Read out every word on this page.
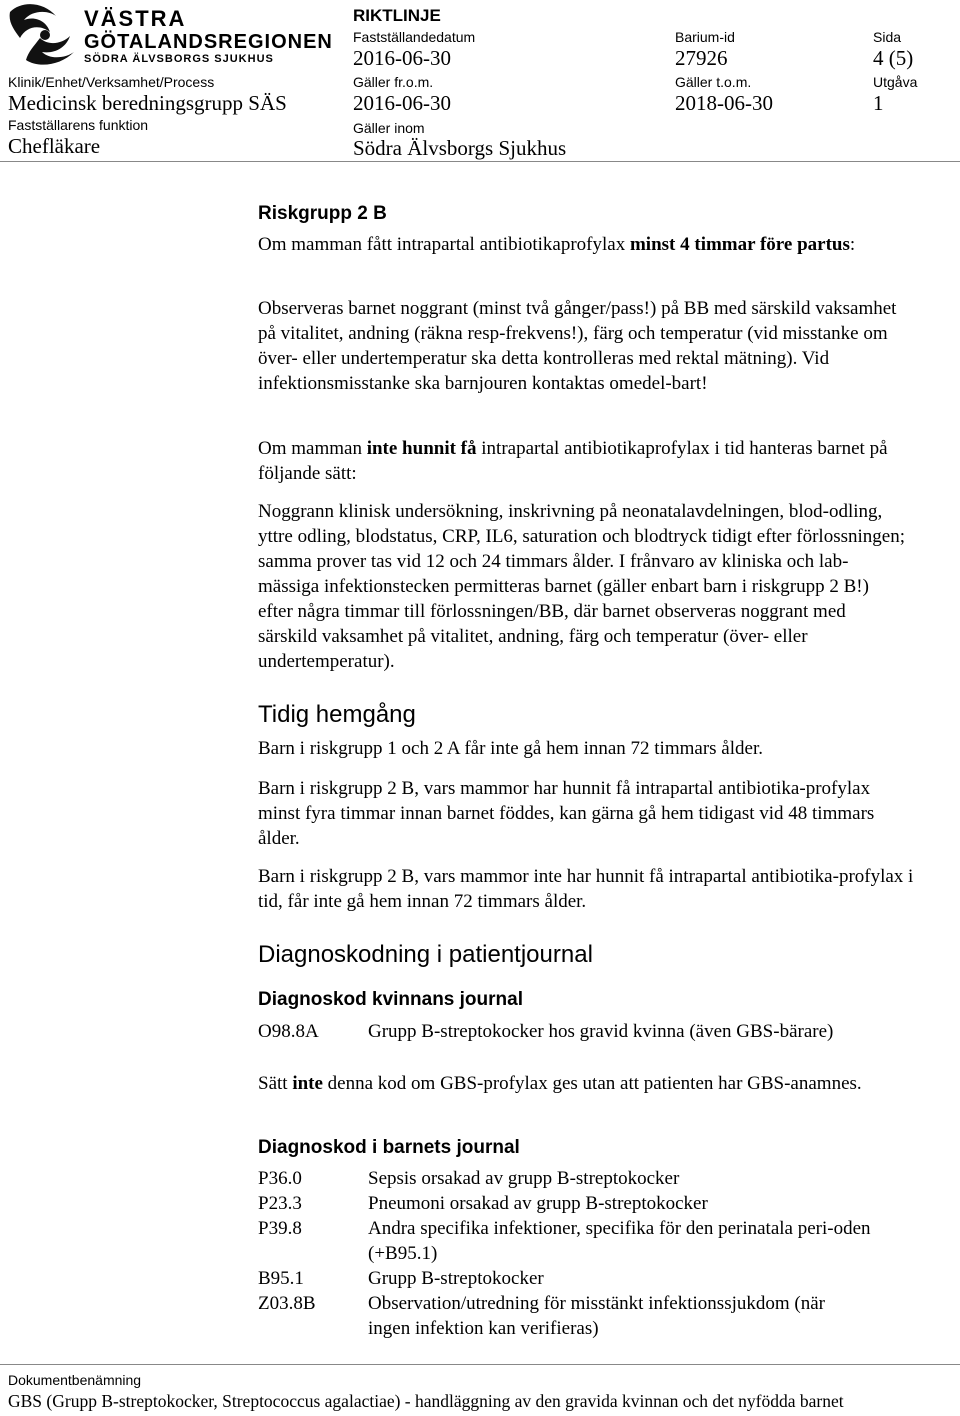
VÄSTRA
GÖTALANDSREGIONEN
SÖDRA ÄLVSBORGS SJUKHUS
RIKTLINJE
Fastställandedatum
2016-06-30
Barium-id
27926
Sida
4 (5)
Klinik/Enhet/Verksamhet/Process
Medicinsk beredningsgrupp SÄS
Gäller fr.o.m.
2016-06-30
Gäller t.o.m.
2018-06-30
Utgåva
1
Fastställarens funktion
Chefläkare
Gäller inom
Södra Älvsborgs Sjukhus
Riskgrupp 2 B

Om mamman fått intrapartal antibiotikaprofylax minst 4 timmar före partus:

Observeras barnet noggrant (minst två gånger/pass!) på BB med särskild vaksamhet på vitalitet, andning (räkna resp-frekvens!), färg och temperatur (vid misstanke om över- eller undertemperatur ska detta kontrolleras med rektal mätning). Vid infektionsmisstanke ska barnjouren kontaktas omedel-bart!

Om mamman inte hunnit få intrapartal antibiotikaprofylax i tid hanteras barnet på följande sätt:

Noggrann klinisk undersökning, inskrivning på neonatalavdelningen, blod-odling, yttre odling, blodstatus, CRP, IL6, saturation och blodtryck tidigt efter förlossningen; samma prover tas vid 12 och 24 timmars ålder. I frånvaro av kliniska och lab-mässiga infektionstecken permitteras barnet (gäller enbart barn i riskgrupp 2 B!) efter några timmar till förlossningen/BB, där barnet observeras noggrant med särskild vaksamhet på vitalitet, andning, färg och temperatur (över- eller undertemperatur).
Tidig hemgång
Barn i riskgrupp 1 och 2 A får inte gå hem innan 72 timmars ålder.
Barn i riskgrupp 2 B, vars mammor har hunnit få intrapartal antibiotika-profylax minst fyra timmar innan barnet föddes, kan gärna gå hem tidigast vid 48 timmars ålder.
Barn i riskgrupp 2 B, vars mammor inte har hunnit få intrapartal antibiotika-profylax i tid, får inte gå hem innan 72 timmars ålder.
Diagnoskodning i patientjournal
Diagnoskod kvinnans journal
O98.8A	Grupp B-streptokocker hos gravid kvinna (även GBS-bärare)

Sätt inte denna kod om GBS-profylax ges utan att patienten har GBS-anamnes.

Diagnoskod i barnets journal
P36.0	Sepsis orsakad av grupp B-streptokocker
P23.3	Pneumoni orsakad av grupp B-streptokocker
P39.8	Andra specifika infektioner, specifika för den perinatala peri-oden (+B95.1)
B95.1	Grupp B-streptokocker
Z03.8B	Observation/utredning för misstänkt infektionssjukdom (när ingen infektion kan verifieras)
Dokumentbenämning
GBS (Grupp B-streptokocker, Streptococcus agalactiae) - handläggning av den gravida kvinnan och det nyfödda barnet
